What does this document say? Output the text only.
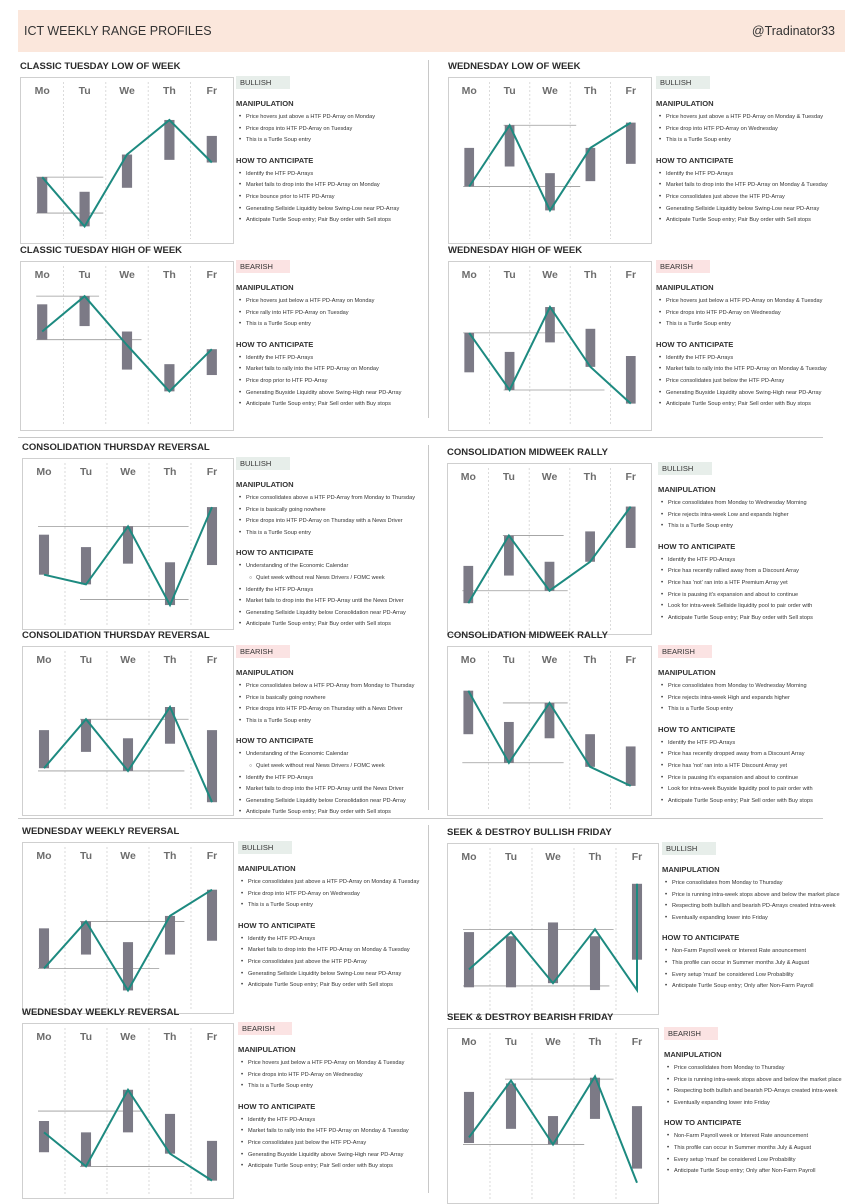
ICT WEEKLY RANGE PROFILES	@Tradinator33
CLASSIC TUESDAY LOW OF WEEK
Mo	Tu	We	Th	Fr
BULLISH
MANIPULATION
• Price hovers just above a HTF PD-Array on Monday
• Price drops into HTF PD-Array on Tuesday
• This is a Turtle Soup entry
HOW TO ANTICIPATE
• Identify the HTF PD-Arrays
• Market fails to drop into the HTF PD-Array on Monday
• Price bounce prior to HTF PD-Array
• Generating Sellside Liquidity below Swing-Low near PD-Array
• Anticipate Turtle Soup entry; Pair Buy order with Sell stops
WEDNESDAY LOW OF WEEK
Mo	Tu	We Th	Fr
BULLISH
MANIPULATION
• Price hovers just above a HTF PD-Array on Monday & Tuesday
• Price drop into HTF PD-Array on Wednesday
• This is a Turtle Soup entry
HOW TO ANTICIPATE
• Identify the HTF PD-Arrays
• Market fails to drop into the HTF PD-Array on Monday & Tuesday
• Price consolidates just above the HTF PD-Array
• Generating Sellside Liquidity below Swing-Low near PD-Array
• Anticipate Turtle Soup entry; Pair Buy order with Sell stops
CLASSIC TUESDAY HIGH OF WEEK
Mo	Tu	We	Th	Fr
BEARISH
MANIPULATION
• Price hovers just below a HTF PD-Array on Monday
• Price rally into HTF PD-Array on Tuesday
• This is a Turtle Soup entry
HOW TO ANTICIPATE
• Identify the HTF PD-Arrays
• Market fails to rally into the HTF PD-Array on Monday
• Price drop prior to HTF PD-Array
• Generating Buyside Liquidity above Swing-High near PD-Array
• Anticipate Turtle Soup entry; Pair Sell order with Buy stops
WEDNESDAY HIGH OF WEEK
Mo	Tu	We Th	Fr
BEARISH
MANIPULATION
• Price hovers just below a HTF PD-Array on Monday & Tuesday
• Price drops into HTF PD-Array on Wednesday
• This is a Turtle Soup entry
HOW TO ANTICIPATE
• Identify the HTF PD-Arrays
• Market fails to rally into the HTF PD-Array on Monday & Tuesday
• Price consolidates just below the HTF PD-Array
• Generating Buyside Liquidity above Swing-High near PD-Array
• Anticipate Turtle Soup entry; Pair Sell order with Buy stops
CONSOLIDATION THURSDAY REVERSAL
Mo	Tu	We	Th	Fr
BULLISH
MANIPULATION
• Price consolidates above a HTF PD-Array from Monday to Thursday
• Price is basically going nowhere
• Price drops into HTF PD-Array on Thursday with a News Driver
• This is a Turtle Soup entry
HOW TO ANTICIPATE
• Understanding of the Economic Calendar
○ Quiet week without real News Drivers / FOMC week
• Identify the HTF PD-Arrays
• Market fails to drop into the HTF PD-Array until the News Driver
• Generating Sellside Liquidity below Consolidation near PD-Array
• Anticipate Turtle Soup entry; Pair Buy order with Sell stops
CONSOLIDATION MIDWEEK RALLY
Mo	Tu	We	Th	Fr
BULLISH
MANIPULATION
• Price consolidates from Monday to Wednesday Morning
• Price rejects intra-week Low and expands higher
• This is a Turtle Soup entry
HOW TO ANTICIPATE
• Identify the HTF PD-Arrays
• Price has recently rallied away from a Discount Array
• Price has 'not' ran into a HTF Premium Array yet
• Price is pausing it's expansion and about to continue
• Look for intra-week Sellside liquidity pool to pair order with
• Anticipate Turtle Soup entry; Pair Buy order with Sell stops
CONSOLIDATION THURSDAY REVERSAL
Mo	Tu	We	Th	Fr
BEARISH
MANIPULATION
• Price consolidates below a HTF PD-Array from Monday to Thursday
• Price is basically going nowhere
• Price drops into HTF PD-Array on Thursday with a News Driver
• This is a Turtle Soup entry
HOW TO ANTICIPATE
• Understanding of the Economic Calendar
○ Quiet week without real News Drivers / FOMC week
• Identify the HTF PD-Arrays
• Market fails to drop into the HTF PD-Array until the News Driver
• Generating Sellside Liquidity below Consolidation near PD-Array
• Anticipate Turtle Soup entry; Pair Buy order with Sell stops
CONSOLIDATION MIDWEEK RALLY
Mo	Tu	We	Th	Fr
BEARISH
MANIPULATION
• Price consolidates from Monday to Wednesday Morning
• Price rejects intra-week High and expands higher
• This is a Turtle Soup entry
HOW TO ANTICIPATE
• Identify the HTF PD-Arrays
• Price has recently dropped away from a Discount Array
• Price has 'not' ran into a HTF Discount Array yet
• Price is pausing it's expansion and about to continue
• Look for intra-week Buyside liquidity pool to pair order with
• Anticipate Turtle Soup entry; Pair Sell order with Buy stops
WEDNESDAY WEEKLY REVERSAL
Mo	Tu	We	Th	Fr
BULLISH
MANIPULATION
• Price consolidates just above a HTF PD-Array on Monday & Tuesday
• Price drop into HTF PD-Array on Wednesday
• This is a Turtle Soup entry
HOW TO ANTICIPATE
• Identify the HTF PD-Arrays
• Market fails to drop into the HTF PD-Array on Monday & Tuesday
• Price consolidates just above the HTF PD-Array
• Generating Sellside Liquidity below Swing-Low near PD-Array
• Anticipate Turtle Soup entry; Pair Buy order with Sell stops
SEEK & DESTROY BULLISH FRIDAY
Mo	Tu	We	Th	Fr
BULLISH
MANIPULATION
• Price consolidates from Monday to Thursday
• Price is running intra-week stops above and below the market place
• Respecting both bullish and bearish PD-Arrays created intra-week
• Eventually expanding lower into Friday
HOW TO ANTICIPATE
• Non-Farm Payroll week or Interest Rate anouncement
• This profile can occur in Summer months July & August
• Every setup 'must' be considered Low Probability
• Anticipate Turtle Soup entry; Only after Non-Farm Payroll
WEDNESDAY WEEKLY REVERSAL
Mo	Tu	We	Th	Fr
BEARISH
MANIPULATION
• Price hovers just below a HTF PD-Array on Monday & Tuesday
• Price drops into HTF PD-Array on Wednesday
• This is a Turtle Soup entry
HOW TO ANTICIPATE
• Identify the HTF PD-Arrays
• Market fails to rally into the HTF PD-Array on Monday & Tuesday
• Price consolidates just below the HTF PD-Array
• Generating Buyside Liquidity above Swing-High near PD-Array
• Anticipate Turtle Soup entry; Pair Sell order with Buy stops
SEEK & DESTROY BEARISH FRIDAY
Mo	Tu	We	Th	Fr
BEARISH
MANIPULATION
• Price consolidates from Monday to Thursday
• Price is running intra-week stops above and below the market place
• Respecting both bullish and bearish PD-Arrays created intra-week
• Eventually expanding lower into Friday
HOW TO ANTICIPATE
• Non-Farm Payroll week or Interest Rate anouncement
• This profile can occur in Summer months July & August
• Every setup 'must' be considered Low Probability
• Anticipate Turtle Soup entry; Only after Non-Farm Payroll
